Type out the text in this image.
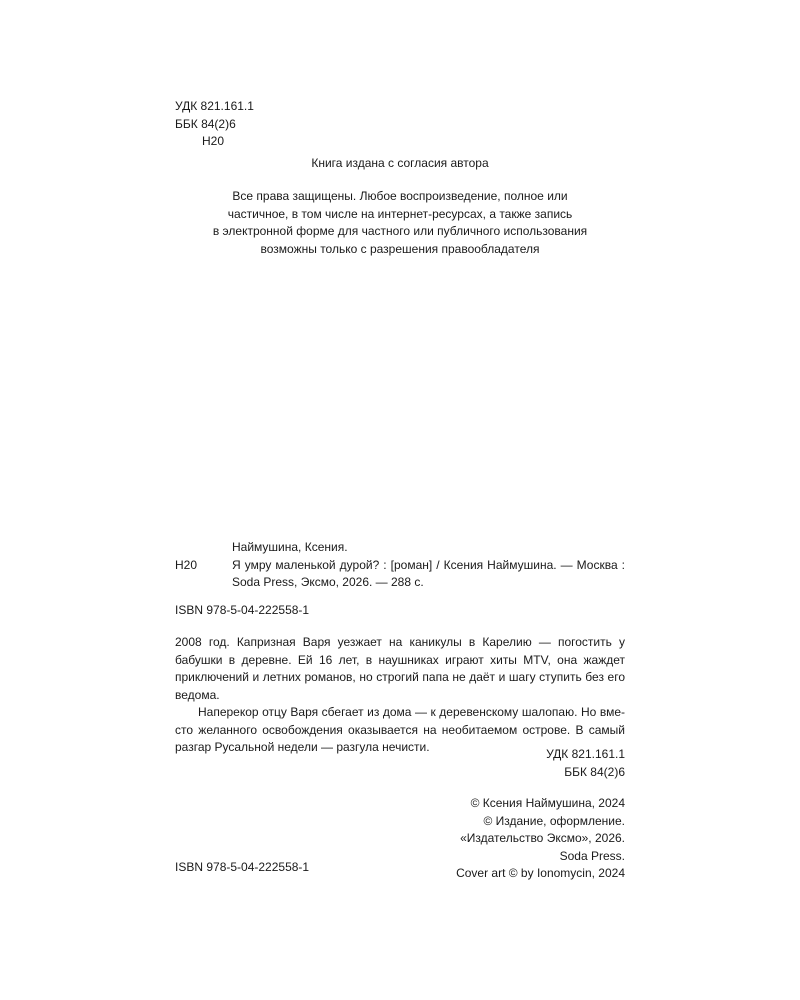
УДК 821.161.1
ББК 84(2)6
Н20
Книга издана с согласия автора
Все права защищены. Любое воспроизведение, полное или
частичное, в том числе на интернет-ресурсах, а также запись
в электронной форме для частного или публичного использования
возможны только с разрешения правообладателя
Наймушина, Ксения.
Н20	Я умру маленькой дурой? : [роман] / Ксения Наймушина. — Москва :
Soda Press, Эксмо, 2026. — 288 с.
ISBN 978-5-04-222558-1

2008 год. Капризная Варя уезжает на каникулы в Карелию — погостить у бабушки в деревне. Ей 16 лет, в наушниках играют хиты MTV, она жаждет приключений и летних романов, но строгий папа не даёт и шагу ступить без его ведома.

Наперекор отцу Варя сбегает из дома — к деревенскому шалопаю. Но вместо желанного освобождения оказывается на необитаемом острове. В самый разгар Русальной недели — разгула нечисти.	УДК 821.161.1
ББК 84(2)6
© Ксения Наймушина, 2024
© Издание, оформление.
«Издательство Эксмо», 2026.
Soda Press.
Cover art © by Ionomycin, 2024
ISBN 978-5-04-222558-1
